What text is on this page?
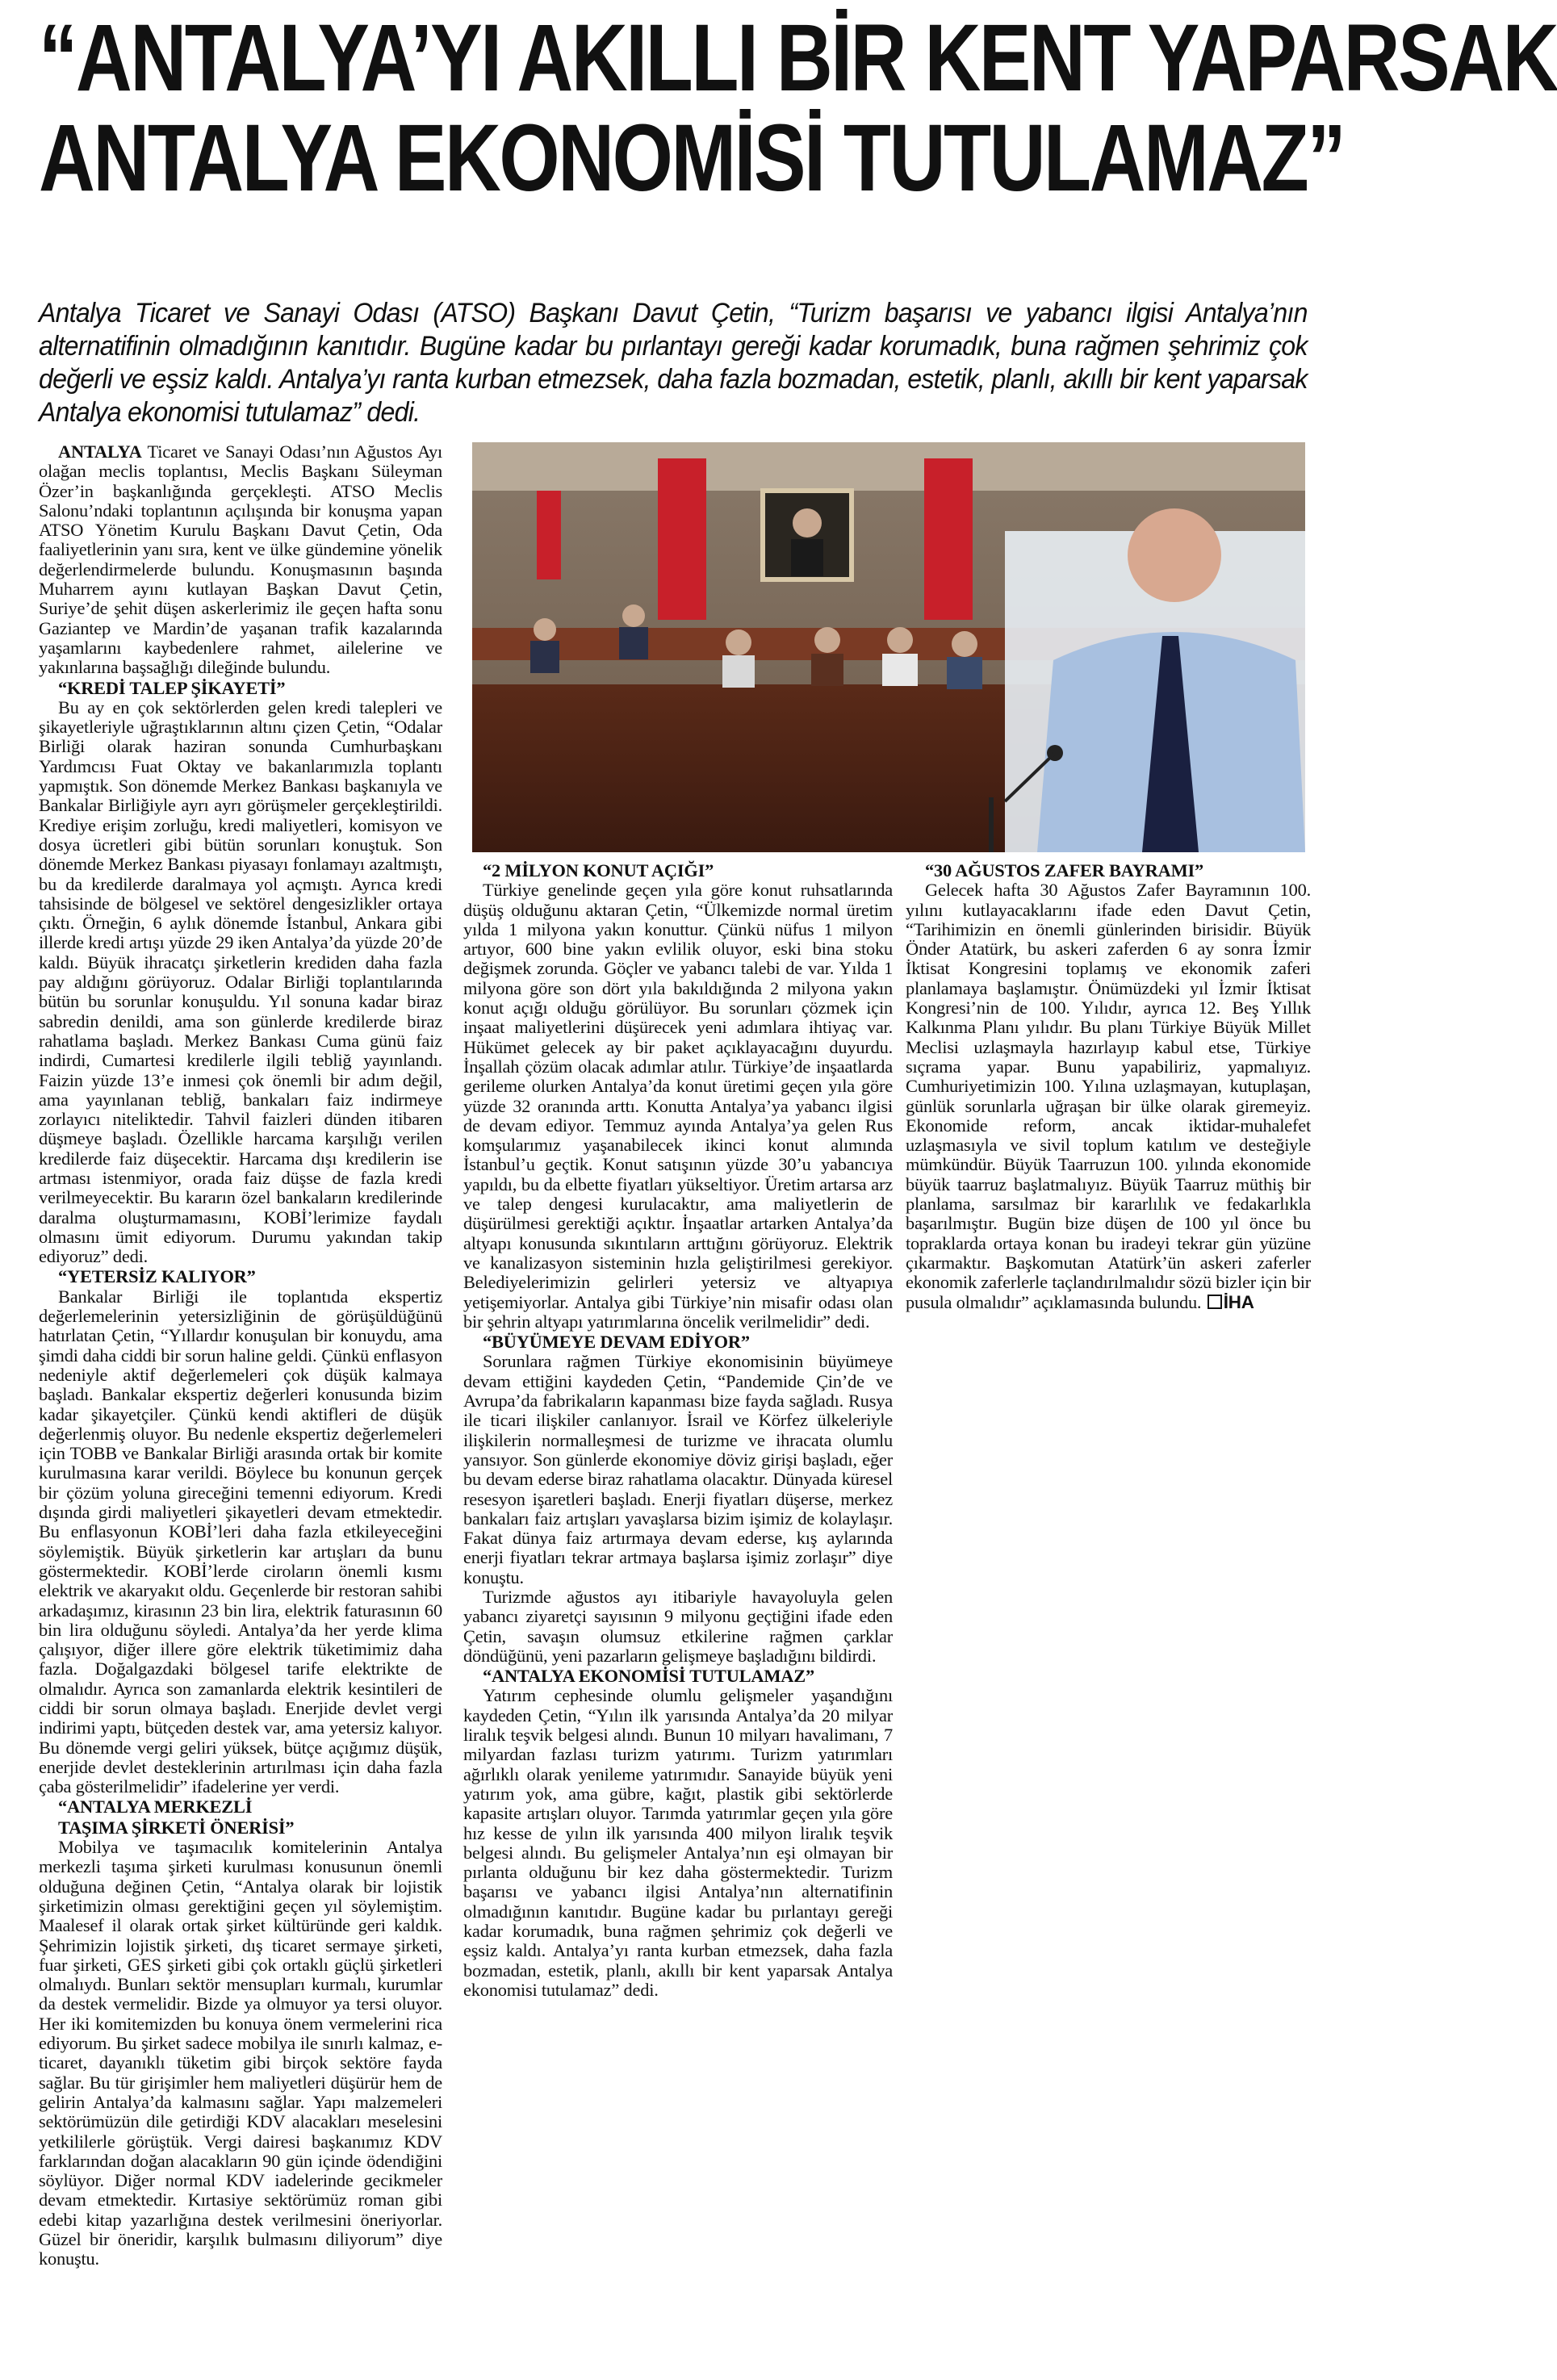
“ANTALYA’YI AKILLI BİR KENT YAPARSAK
ANTALYA EKONOMİSİ TUTULAMAZ”
Antalya Ticaret ve Sanayi Odası (ATSO) Başkanı Davut Çetin, “Turizm başarısı ve yabancı ilgisi Antalya’nın alternatifinin olmadığının kanıtıdır. Bugüne kadar bu pırlantayı gereği kadar korumadık, buna rağmen şehrimiz çok değerli ve eşsiz kaldı. Antalya’yı ranta kurban etmezsek, daha fazla bozmadan, estetik, planlı, akıllı bir kent yaparsak Antalya ekonomisi tutulamaz” dedi.

ANTALYA Ticaret ve Sanayi Odası’nın Ağustos Ayı olağan meclis toplantısı, Meclis Başkanı Süleyman Özer’in başkanlığında gerçekleşti. ATSO Meclis Salonu’ndaki toplantının açılışında bir konuşma yapan ATSO Yönetim Kurulu Başkanı Davut Çetin, Oda faaliyetlerinin yanı sıra, kent ve ülke gündemine yönelik değerlendirmelerde bulundu. Konuşmasının başında Muharrem ayını kutlayan Başkan Davut Çetin, Suriye’de şehit düşen askerlerimiz ile geçen hafta sonu Gaziantep ve Mardin’de yaşanan trafik kazalarında yaşamlarını kaybedenlere rahmet, ailelerine ve yakınlarına başsağlığı dileğinde bulundu.

“KREDİ TALEP ŞİKAYETİ”

Bu ay en çok sektörlerden gelen kredi talepleri ve şikayetleriyle uğraştıklarının altını çizen Çetin, “Odalar Birliği olarak haziran sonunda Cumhurbaşkanı Yardımcısı Fuat Oktay ve bakanlarımızla toplantı yapmıştık. Son dönemde Merkez Bankası başkanıyla ve Bankalar Birliğiyle ayrı ayrı görüşmeler gerçekleştirildi. Krediye erişim zorluğu, kredi maliyetleri, komisyon ve dosya ücretleri gibi bütün sorunları konuştuk. Son dönemde Merkez Bankası piyasayı fonlamayı azaltmıştı, bu da kredilerde daralmaya yol açmıştı. Ayrıca kredi tahsisinde de bölgesel ve sektörel dengesizlikler ortaya çıktı. Örneğin, 6 aylık dönemde İstanbul, Ankara gibi illerde kredi artışı yüzde 29 iken Antalya’da yüzde 20’de kaldı. Büyük ihracatçı şirketlerin krediden daha fazla pay aldığını görüyoruz. Odalar Birliği toplantılarında bütün bu sorunlar konuşuldu. Yıl sonuna kadar biraz sabredin denildi, ama son günlerde kredilerde biraz rahatlama başladı. Merkez Bankası Cuma günü faiz indirdi, Cumartesi kredilerle ilgili tebliğ yayınlandı. Faizin yüzde 13’e inmesi çok önemli bir adım değil, ama yayınlanan tebliğ, bankaları faiz indirmeye zorlayıcı niteliktedir. Tahvil faizleri dünden itibaren düşmeye başladı. Özellikle harcama karşılığı verilen kredilerde faiz düşecektir. Harcama dışı kredilerin ise artması istenmiyor, orada faiz düşse de fazla kredi verilmeyecektir. Bu kararın özel bankaların kredilerinde daralma oluşturmamasını, KOBİ’lerimize faydalı olmasını ümit ediyorum. Durumu yakından takip ediyoruz” dedi.

“YETERSİZ KALIYOR”

Bankalar Birliği ile toplantıda ekspertiz değerlemelerinin yetersizliğinin de görüşüldüğünü hatırlatan Çetin, “Yıllardır konuşulan bir konuydu, ama şimdi daha ciddi bir sorun haline geldi. Çünkü enflasyon nedeniyle aktif değerlemeleri çok düşük kalmaya başladı. Bankalar ekspertiz değerleri konusunda bizim kadar şikayetçiler. Çünkü kendi aktifleri de düşük değerlenmiş oluyor. Bu nedenle ekspertiz değerlemeleri için TOBB ve Bankalar Birliği arasında ortak bir komite kurulmasına karar verildi. Böylece bu konunun gerçek bir çözüm yoluna gireceğini temenni ediyorum. Kredi dışında girdi maliyetleri şikayetleri devam etmektedir. Bu enflasyonun KOBİ’leri daha fazla etkileyeceğini söylemiştik. Büyük şirketlerin kar artışları da bunu göstermektedir. KOBİ’lerde ciroların önemli kısmı elektrik ve akaryakıt oldu. Geçenlerde bir restoran sahibi arkadaşımız, kirasının 23 bin lira, elektrik faturasının 60 bin lira olduğunu söyledi. Antalya’da her yerde klima çalışıyor, diğer illere göre elektrik tüketimimiz daha fazla. Doğalgazdaki bölgesel tarife elektrikte de olmalıdır. Ayrıca son zamanlarda elektrik kesintileri de ciddi bir sorun olmaya başladı. Enerjide devlet vergi indirimi yaptı, bütçeden destek var, ama yetersiz kalıyor. Bu dönemde vergi geliri yüksek, bütçe açığımız düşük, enerjide devlet desteklerinin artırılması için daha fazla çaba gösterilmelidir” ifadelerine yer verdi.

“ANTALYA MERKEZLİ

TAŞIMA ŞİRKETİ ÖNERİSİ”

Mobilya ve taşımacılık komitelerinin Antalya merkezli taşıma şirketi kurulması konusunun önemli olduğuna değinen Çetin, “Antalya olarak bir lojistik şirketimizin olması gerektiğini geçen yıl söylemiştim. Maalesef il olarak ortak şirket kültüründe geri kaldık. Şehrimizin lojistik şirketi, dış ticaret sermaye şirketi, fuar şirketi, GES şirketi gibi çok ortaklı güçlü şirketleri olmalıydı. Bunları sektör mensupları kurmalı, kurumlar da destek vermelidir. Bizde ya olmuyor ya tersi oluyor. Her iki komitemizden bu konuya önem vermelerini rica ediyorum. Bu şirket sadece mobilya ile sınırlı kalmaz, e-ticaret, dayanıklı tüketim gibi birçok sektöre fayda sağlar. Bu tür girişimler hem maliyetleri düşürür hem de gelirin Antalya’da kalmasını sağlar. Yapı malzemeleri sektörümüzün dile getirdiği KDV alacakları meselesini yetkililerle görüştük. Vergi dairesi başkanımız KDV farklarından doğan alacakların 90 gün içinde ödendiğini söylüyor. Diğer normal KDV iadelerinde gecikmeler devam etmektedir. Kırtasiye sektörümüz roman gibi edebi kitap yazarlığına destek verilmesini öneriyorlar. Güzel bir öneridir, karşılık bulmasını diliyorum” diye konuştu.

“2 MİLYON KONUT AÇIĞI”

Türkiye genelinde geçen yıla göre konut ruhsatlarında düşüş olduğunu aktaran Çetin, “Ülkemizde normal üretim yılda 1 milyona yakın konuttur. Çünkü nüfus 1 milyon artıyor, 600 bine yakın evlilik oluyor, eski bina stoku değişmek zorunda. Göçler ve yabancı talebi de var. Yılda 1 milyona göre son dört yıla bakıldığında 2 milyona yakın konut açığı olduğu görülüyor. Bu sorunları çözmek için inşaat maliyetlerini düşürecek yeni adımlara ihtiyaç var. Hükümet gelecek ay bir paket açıklayacağını duyurdu. İnşallah çözüm olacak adımlar atılır. Türkiye’de inşaatlarda gerileme olurken Antalya’da konut üretimi geçen yıla göre yüzde 32 oranında arttı. Konutta Antalya’ya yabancı ilgisi de devam ediyor. Temmuz ayında Antalya’ya gelen Rus komşularımız yaşanabilecek ikinci konut alımında İstanbul’u geçtik. Konut satışının yüzde 30’u yabancıya yapıldı, bu da elbette fiyatları yükseltiyor. Üretim artarsa arz ve talep dengesi kurulacaktır, ama maliyetlerin de düşürülmesi gerektiği açıktır. İnşaatlar artarken Antalya’da altyapı konusunda sıkıntıların arttığını görüyoruz. Elektrik ve kanalizasyon sisteminin hızla geliştirilmesi gerekiyor. Belediyelerimizin gelirleri yetersiz ve altyapıya yetişemiyorlar. Antalya gibi Türkiye’nin misafir odası olan bir şehrin altyapı yatırımlarına öncelik verilmelidir” dedi.

“BÜYÜMEYE DEVAM EDİYOR”

Sorunlara rağmen Türkiye ekonomisinin büyümeye devam ettiğini kaydeden Çetin, “Pandemide Çin’de ve Avrupa’da fabrikaların kapanması bize fayda sağladı. Rusya ile ticari ilişkiler canlanıyor. İsrail ve Körfez ülkeleriyle ilişkilerin normalleşmesi de turizme ve ihracata olumlu yansıyor. Son günlerde ekonomiye döviz girişi başladı, eğer bu devam ederse biraz rahatlama olacaktır. Dünyada küresel resesyon işaretleri başladı. Enerji fiyatları düşerse, merkez bankaları faiz artışları yavaşlarsa bizim işimiz de kolaylaşır. Fakat dünya faiz artırmaya devam ederse, kış aylarında enerji fiyatları tekrar artmaya başlarsa işimiz zorlaşır” diye konuştu.

Turizmde ağustos ayı itibariyle havayoluyla gelen yabancı ziyaretçi sayısının 9 milyonu geçtiğini ifade eden Çetin, savaşın olumsuz etkilerine rağmen çarklar döndüğünü, yeni pazarların gelişmeye başladığını bildirdi.

“ANTALYA EKONOMİSİ TUTULAMAZ”

Yatırım cephesinde olumlu gelişmeler yaşandığını kaydeden Çetin, “Yılın ilk yarısında Antalya’da 20 milyar liralık teşvik belgesi alındı. Bunun 10 milyarı havalimanı, 7 milyardan fazlası turizm yatırımı. Turizm yatırımları ağırlıklı olarak yenileme yatırımıdır. Sanayide büyük yeni yatırım yok, ama gübre, kağıt, plastik gibi sektörlerde kapasite artışları oluyor. Tarımda yatırımlar geçen yıla göre hız kesse de yılın ilk yarısında 400 milyon liralık teşvik belgesi alındı. Bu gelişmeler Antalya’nın eşi olmayan bir pırlanta olduğunu bir kez daha göstermektedir. Turizm başarısı ve yabancı ilgisi Antalya’nın alternatifinin olmadığının kanıtıdır. Bugüne kadar bu pırlantayı gereği kadar korumadık, buna rağmen şehrimiz çok değerli ve eşsiz kaldı. Antalya’yı ranta kurban etmezsek, daha fazla bozmadan, estetik, planlı, akıllı bir kent yaparsak Antalya ekonomisi tutulamaz” dedi.

“30 AĞUSTOS ZAFER BAYRAMI”

Gelecek hafta 30 Ağustos Zafer Bayramının 100. yılını kutlayacaklarını ifade eden Davut Çetin, “Tarihimizin en önemli günlerinden birisidir. Büyük Önder Atatürk, bu askeri zaferden 6 ay sonra İzmir İktisat Kongresini toplamış ve ekonomik zaferi planlamaya başlamıştır. Önümüzdeki yıl İzmir İktisat Kongresi’nin de 100. Yılıdır, ayrıca 12. Beş Yıllık Kalkınma Planı yılıdır. Bu planı Türkiye Büyük Millet Meclisi uzlaşmayla hazırlayıp kabul etse, Türkiye sıçrama yapar. Bunu yapabiliriz, yapmalıyız. Cumhuriyetimizin 100. Yılına uzlaşmayan, kutuplaşan, günlük sorunlarla uğraşan bir ülke olarak giremeyiz. Ekonomide reform, ancak iktidar-muhalefet uzlaşmasıyla ve sivil toplum katılım ve desteğiyle mümkündür. Büyük Taarruzun 100. yılında ekonomide büyük taarruz başlatmalıyız. Büyük Taarruz müthiş bir planlama, sarsılmaz bir kararlılık ve fedakarlıkla başarılmıştır. Bugün bize düşen de 100 yıl önce bu topraklarda ortaya konan bu iradeyi tekrar gün yüzüne çıkarmaktır. Başkomutan Atatürk’ün askeri zaferler ekonomik zaferlerle taçlandırılmalıdır sözü bizler için bir pusula olmalıdır” açıklamasında bulundu. İHA
